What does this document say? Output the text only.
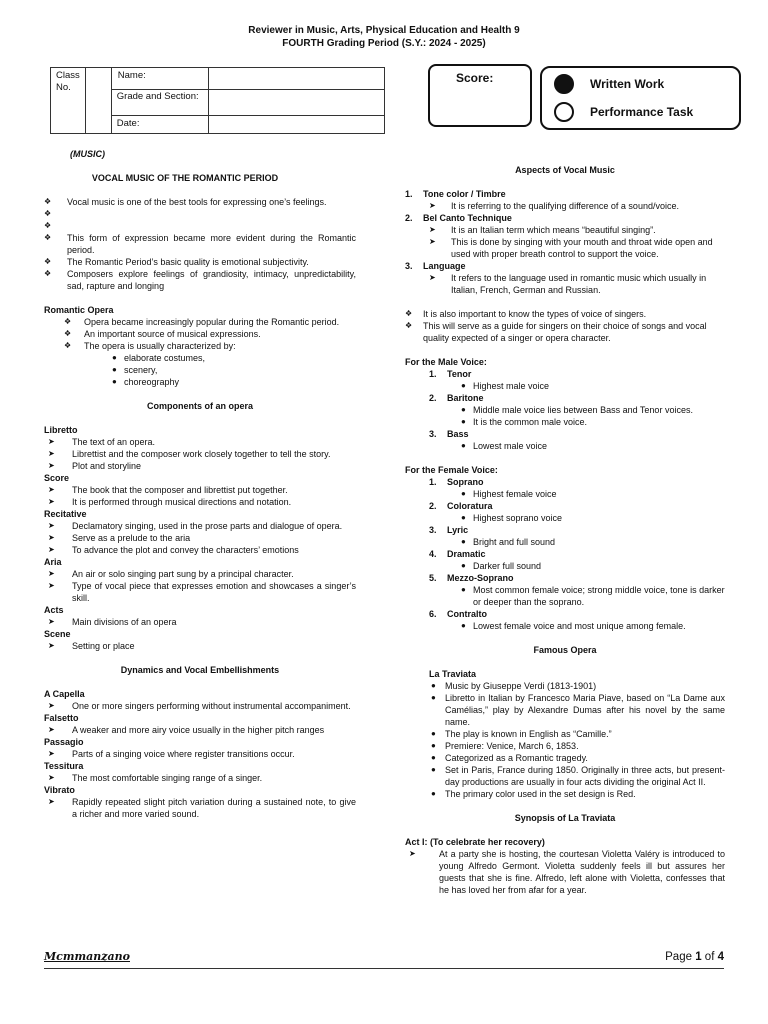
Reviewer in Music, Arts, Physical Education and Health 9
FOURTH Grading Period (S.Y.: 2024 - 2025)
Class No.		Name:	
		Grade and Section:	
		Date:	
Score:	Written Work
Performance Task
(MUSIC)
VOCAL MUSIC OF THE ROMANTIC PERIOD
❖	Vocal music is one of the best tools for expressing one’s feelings.
❖
❖
❖	This form of expression became more evident during the Romantic period.
❖	The Romantic Period’s basic quality is emotional subjectivity.
❖	Composers explore feelings of grandiosity, intimacy, unpredictability, sad, rapture and longing
Romantic Opera
❖	Opera became increasingly popular during the Romantic period.
❖	An important source of musical expressions.
❖	The opera is usually characterized by:
● elaborate costumes,
● scenery,
● choreography
Components of an opera
Libretto
➤	The text of an opera.
➤	Librettist and the composer work closely together to tell the story.
➤	Plot and storyline
Score
➤	The book that the composer and librettist put together.
➤	It is performed through musical directions and notation.
Recitative
➤	Declamatory singing, used in the prose parts and dialogue of opera.
➤	Serve as a prelude to the aria
➤	To advance the plot and convey the characters’ emotions
Aria
➤	An air or solo singing part sung by a principal character.
➤	Type of vocal piece that expresses emotion and showcases a singer’s skill.
Acts
➤	Main divisions of an opera
Scene
➤	Setting or place
Dynamics and Vocal Embellishments
A Capella
➤	One or more singers performing without instrumental accompaniment.
Falsetto
➤	A weaker and more airy voice usually in the higher pitch ranges
Passagio
➤	Parts of a singing voice where register transitions occur.
Tessitura
➤	The most comfortable singing range of a singer.
Vibrato
➤	Rapidly repeated slight pitch variation during a sustained note, to give a richer and more varied sound.
Aspects of Vocal Music
1.	Tone color / Timbre
➤	It is referring to the qualifying difference of a sound/voice.
2.	Bel Canto Technique
➤	It is an Italian term which means “beautiful singing”.
➤	This is done by singing with your mouth and throat wide open and used with proper breath control to support the voice.
3.	Language
➤	It refers to the language used in romantic music which usually in Italian, French, German and Russian.
❖	It is also important to know the types of voice of singers.
❖	This will serve as a guide for singers on their choice of songs and vocal quality expected of a singer or opera character.
For the Male Voice:
1.	Tenor
● Highest male voice
2.	Baritone
● Middle male voice lies between Bass and Tenor voices.
● It is the common male voice.
3.	Bass
● Lowest male voice
For the Female Voice:
1.	Soprano
● Highest female voice
2.	Coloratura
● Highest soprano voice
3.	Lyric
● Bright and full sound
4.	Dramatic
● Darker full sound
5.	Mezzo-Soprano
● Most common female voice; strong middle voice, tone is darker or deeper than the soprano.
6.	Contralto
● Lowest female voice and most unique among female.
Famous Opera
La Traviata
●	Music by Giuseppe Verdi (1813-1901)
●	Libretto in Italian by Francesco Maria Piave, based on “La Dame aux Camélias,” play by Alexandre Dumas after his novel by the same name.
●	The play is known in English as “Camille.”
●	Premiere: Venice, March 6, 1853.
●	Categorized as a Romantic tragedy.
●	Set in Paris, France during 1850. Originally in three acts, but present-day productions are usually in four acts dividing the original Act II.
●	The primary color used in the set design is Red.
Synopsis of La Traviata
Act I: (To celebrate her recovery)
➤	At a party she is hosting, the courtesan Violetta Valéry is introduced to young Alfredo Germont. Violetta suddenly feels ill but assures her guests that she is fine. Alfredo, left alone with Violetta, confesses that he has loved her from afar for a year.
Mcmmanzano	Page 1 of 4
